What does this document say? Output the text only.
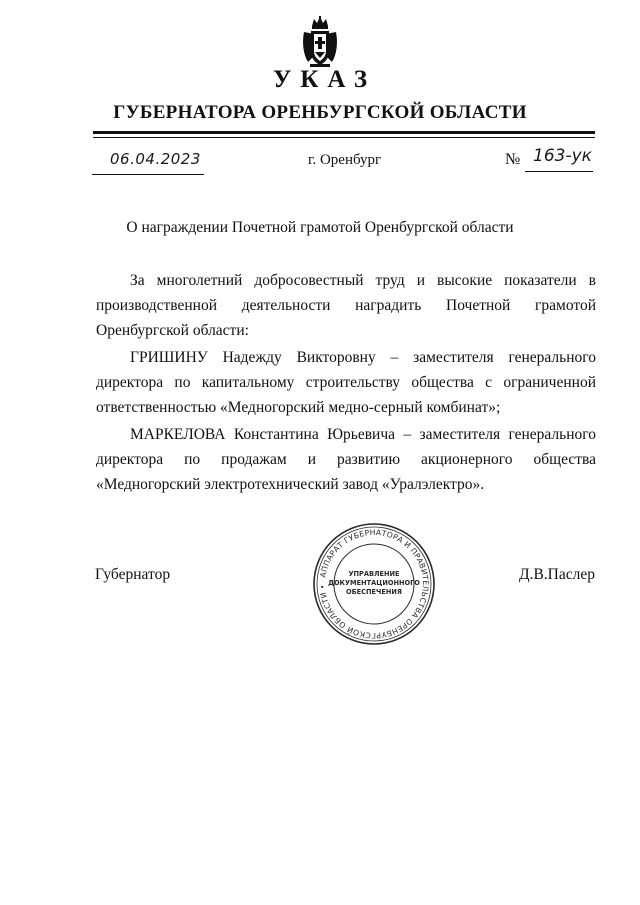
УКАЗ
ГУБЕРНАТОРА ОРЕНБУРГСКОЙ ОБЛАСТИ
06.04.2023	г. Оренбург	№ 163-ук
О награждении Почетной грамотой Оренбургской области

За многолетний добросовестный труд и высокие показатели в производственной деятельности наградить Почетной грамотой Оренбургской области:

ГРИШИНУ Надежду Викторовну – заместителя генерального директора по капитальному строительству общества с ограниченной ответственностью «Медногорский медно-серный комбинат»;

МАРКЕЛОВА Константина Юрьевича – заместителя генерального директора по продажам и развитию акционерного общества «Медногорский электротехнический завод «Уралэлектро».

Губернатор	Д.В.Паслер
АППАРАТ ГУБЕРНАТОРА И ПРАВИТЕЛЬСТВА ОРЕНБУРГСКОЙ ОБЛАСТИ •
УПРАВЛЕНИЕ
ДОКУМЕНТАЦИОННОГО
ОБЕСПЕЧЕНИЯ
